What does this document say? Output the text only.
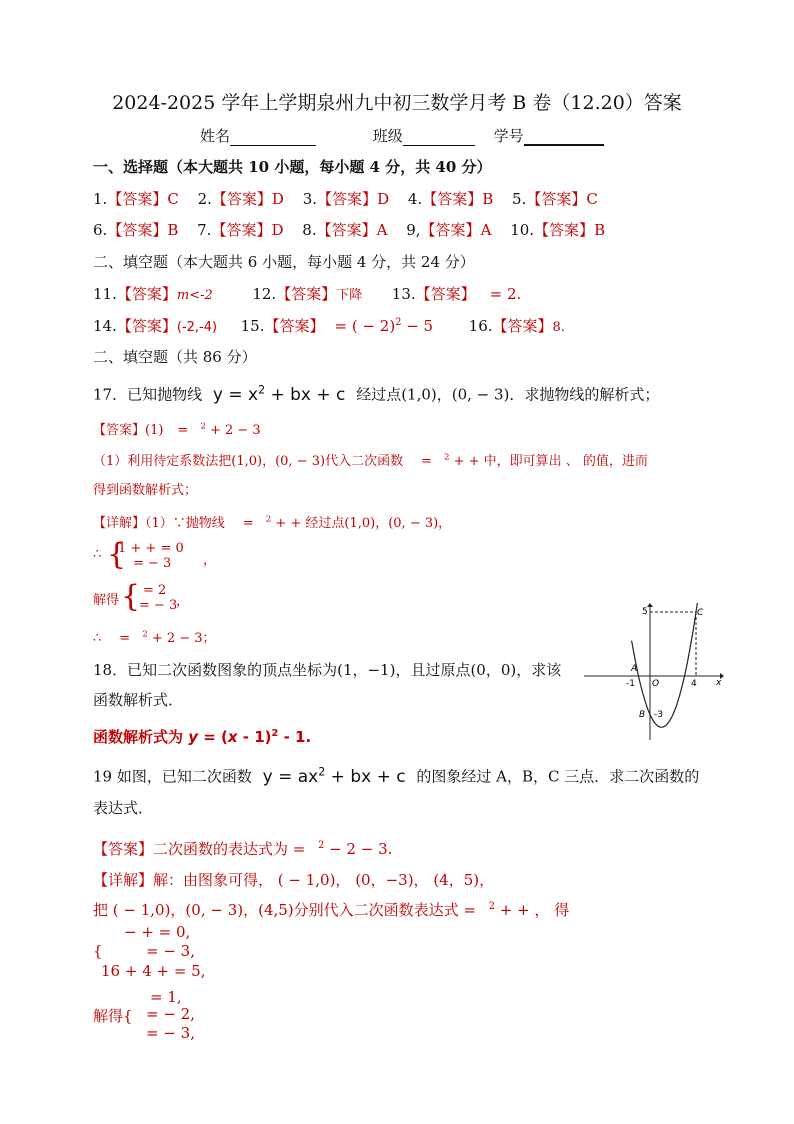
2024-2025 学年上学期泉州九中初三数学月考 B 卷（12.20）答案
姓名	班级	学号
一、选择题（本大题共 10 小题，每小题 4 分，共 40 分）
1.【答案】C 2.【答案】D 3.【答案】D 4.【答案】B 5.【答案】C
6.【答案】B 7.【答案】D 8.【答案】A 9,【答案】A 10.【答案】B
二、填空题（本大题共 6 小题，每小题 4 分，共 24 分）
11.【答案】m<-2	12.【答案】下降 13.【答案】 = 2.
14.【答案】(-2,-4) 15.【答案】 = ( − 2)$^2$ − 5 16.【答案】8.
二、填空题（共 86 分）
17．已知抛物线 $y = x^2$ + bx + c 经过点(1,0)，(0, − 3)．求抛物线的解析式；
【答案】(1) = $^2$ + 2 − 3
（1）利用待定系数法把(1,0)，(0, − 3)代入二次函数 = $^2$ + + 中，即可算出 、 的值，进而
得到函数解析式；
【详解】（1）∵抛物线 = $^2$ + + 经过点(1,0)，(0, − 3)，
∴ {
1 + + = 0
= − 3 ，
解得 { = 2
= − 3
，
∴ = $^2$ + 2 − 3；
18．已知二次函数图象的顶点坐标为(1，−1)，且过原点(0，0)，求该
函数解析式．
函数解析式为 y = (x - 1)$^2$ - 1.
19 如图，已知二次函数 $y = ax^2$ + bx + c 的图象经过 A，B，C 三点．求二次函数的
表达式．
【答案】二次函数的表达式为 = $^2$ − 2 − 3.
【详解】解：由图象可得， ( − 1,0)， (0，−3)， (4，5)，
把 ( − 1,0)，(0, − 3)，(4,5)分别代入二次函数表达式 = $^2$ + + ， 得
− + = 0,
{	= − 3,
16 + 4 + = 5,
= 1,
解得{ = − 2,
= − 3,
5	C
A
-1 O	4 x
-3
B
